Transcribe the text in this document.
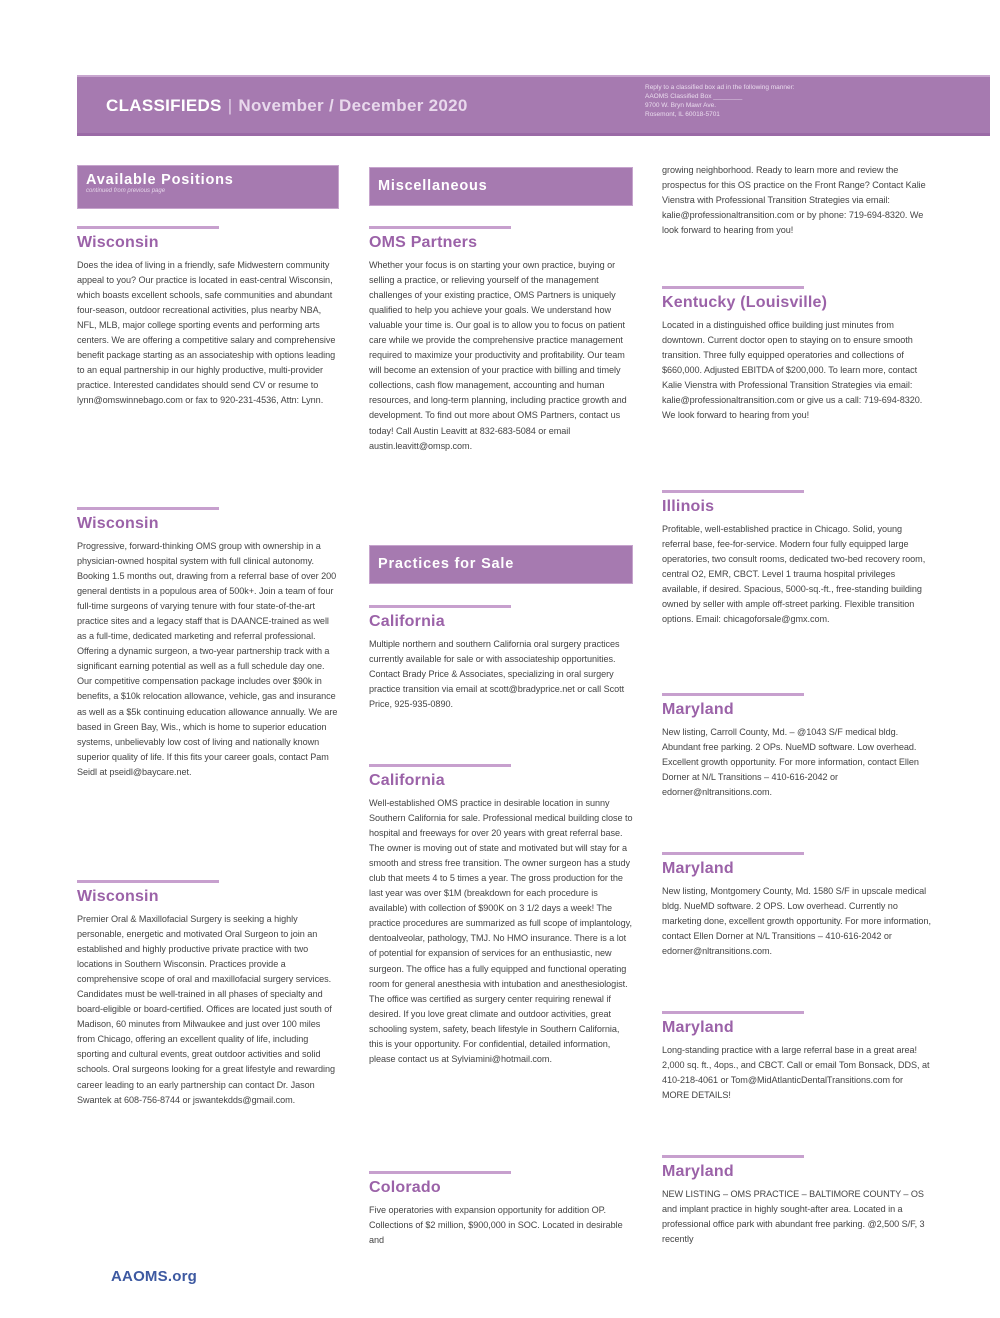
CLASSIFIEDS | November / December 2020
Reply to a classified box ad in the following manner:
AAOMS Classified Box ________
9700 W. Bryn Mawr Ave.
Rosemont, IL 60018-5701
Available Positions
continued from previous page
Wisconsin

Does the idea of living in a friendly, safe Midwestern community appeal to you? Our practice is located in east-central Wisconsin, which boasts excellent schools, safe communities and abundant four-season, outdoor recreational activities, plus nearby NBA, NFL, MLB, major college sporting events and performing arts centers. We are offering a competitive salary and comprehensive benefit package starting as an associateship with options leading to an equal partnership in our highly productive, multi-provider practice. Interested candidates should send CV or resume to lynn@omswinnebago.com or fax to 920-231-4536, Attn: Lynn.

Wisconsin

Progressive, forward-thinking OMS group with ownership in a physician-owned hospital system with full clinical autonomy. Booking 1.5 months out, drawing from a referral base of over 200 general dentists in a populous area of 500k+. Join a team of four full-time surgeons of varying tenure with four state-of-the-art practice sites and a legacy staff that is DAANCE-trained as well as a full-time, dedicated marketing and referral professional. Offering a dynamic surgeon, a two-year partnership track with a significant earning potential as well as a full schedule day one. Our competitive compensation package includes over $90k in benefits, a $10k relocation allowance, vehicle, gas and insurance as well as a $5k continuing education allowance annually. We are based in Green Bay, Wis., which is home to superior education systems, unbelievably low cost of living and nationally known superior quality of life. If this fits your career goals, contact Pam Seidl at pseidl@baycare.net.

Wisconsin

Premier Oral & Maxillofacial Surgery is seeking a highly personable, energetic and motivated Oral Surgeon to join an established and highly productive private practice with two locations in Southern Wisconsin. Practices provide a comprehensive scope of oral and maxillofacial surgery services. Candidates must be well-trained in all phases of specialty and board-eligible or board-certified. Offices are located just south of Madison, 60 minutes from Milwaukee and just over 100 miles from Chicago, offering an excellent quality of life, including sporting and cultural events, great outdoor activities and solid schools. Oral surgeons looking for a great lifestyle and rewarding career leading to an early partnership can contact Dr. Jason Swantek at 608-756-8744 or jswantekdds@gmail.com.

Miscellaneous
OMS Partners

Whether your focus is on starting your own practice, buying or selling a practice, or relieving yourself of the management challenges of your existing practice, OMS Partners is uniquely qualified to help you achieve your goals. We understand how valuable your time is. Our goal is to allow you to focus on patient care while we provide the comprehensive practice management required to maximize your productivity and profitability. Our team will become an extension of your practice with billing and timely collections, cash flow management, accounting and human resources, and long-term planning, including practice growth and development. To find out more about OMS Partners, contact us today! Call Austin Leavitt at 832-683-5084 or email austin.leavitt@omsp.com.

Practices for Sale
California

Multiple northern and southern California oral surgery practices currently available for sale or with associateship opportunities. Contact Brady Price & Associates, specializing in oral surgery practice transition via email at scott@bradyprice.net or call Scott Price, 925-935-0890.

California

Well-established OMS practice in desirable location in sunny Southern California for sale. Professional medical building close to hospital and freeways for over 20 years with great referral base. The owner is moving out of state and motivated but will stay for a smooth and stress free transition. The owner surgeon has a study club that meets 4 to 5 times a year. The gross production for the last year was over $1M (breakdown for each procedure is available) with collection of $900K on 3 1/2 days a week! The practice procedures are summarized as full scope of implantology, dentoalveolar, pathology, TMJ. No HMO insurance. There is a lot of potential for expansion of services for an enthusiastic, new surgeon. The office has a fully equipped and functional operating room for general anesthesia with intubation and anesthesiologist. The office was certified as surgery center requiring renewal if desired. If you love great climate and outdoor activities, great schooling system, safety, beach lifestyle in Southern California, this is your opportunity. For confidential, detailed information, please contact us at Sylviamini@hotmail.com.

Colorado

Five operatories with expansion opportunity for addition OP. Collections of $2 million, $900,000 in SOC. Located in desirable and

growing neighborhood. Ready to learn more and review the prospectus for this OS practice on the Front Range? Contact Kalie Vienstra with Professional Transition Strategies via email: kalie@professionaltransition.com or by phone: 719-694-8320. We look forward to hearing from you!

Kentucky (Louisville)

Located in a distinguished office building just minutes from downtown. Current doctor open to staying on to ensure smooth transition. Three fully equipped operatories and collections of $660,000. Adjusted EBITDA of $200,000. To learn more, contact Kalie Vienstra with Professional Transition Strategies via email: kalie@professionaltransition.com or give us a call: 719-694-8320. We look forward to hearing from you!

Illinois

Profitable, well-established practice in Chicago. Solid, young referral base, fee-for-service. Modern four fully equipped large operatories, two consult rooms, dedicated two-bed recovery room, central O2, EMR, CBCT. Level 1 trauma hospital privileges available, if desired. Spacious, 5000-sq.-ft., free-standing building owned by seller with ample off-street parking. Flexible transition options. Email: chicagoforsale@gmx.com.

Maryland

New listing, Carroll County, Md. – @1043 S/F medical bldg. Abundant free parking. 2 OPs. NueMD software. Low overhead. Excellent growth opportunity. For more information, contact Ellen Dorner at N/L Transitions – 410-616-2042 or edorner@nltransitions.com.

Maryland

New listing, Montgomery County, Md. 1580 S/F in upscale medical bldg. NueMD software. 2 OPS. Low overhead. Currently no marketing done, excellent growth opportunity. For more information, contact Ellen Dorner at N/L Transitions – 410-616-2042 or edorner@nltransitions.com.

Maryland

Long-standing practice with a large referral base in a great area! 2,000 sq. ft., 4ops., and CBCT. Call or email Tom Bonsack, DDS, at 410-218-4061 or Tom@MidAtlanticDentalTransitions.com for MORE DETAILS!

Maryland

NEW LISTING – OMS PRACTICE – BALTIMORE COUNTY – OS and implant practice in highly sought-after area. Located in a professional office park with abundant free parking. @2,500 S/F, 3 recently

AAOMS.org
